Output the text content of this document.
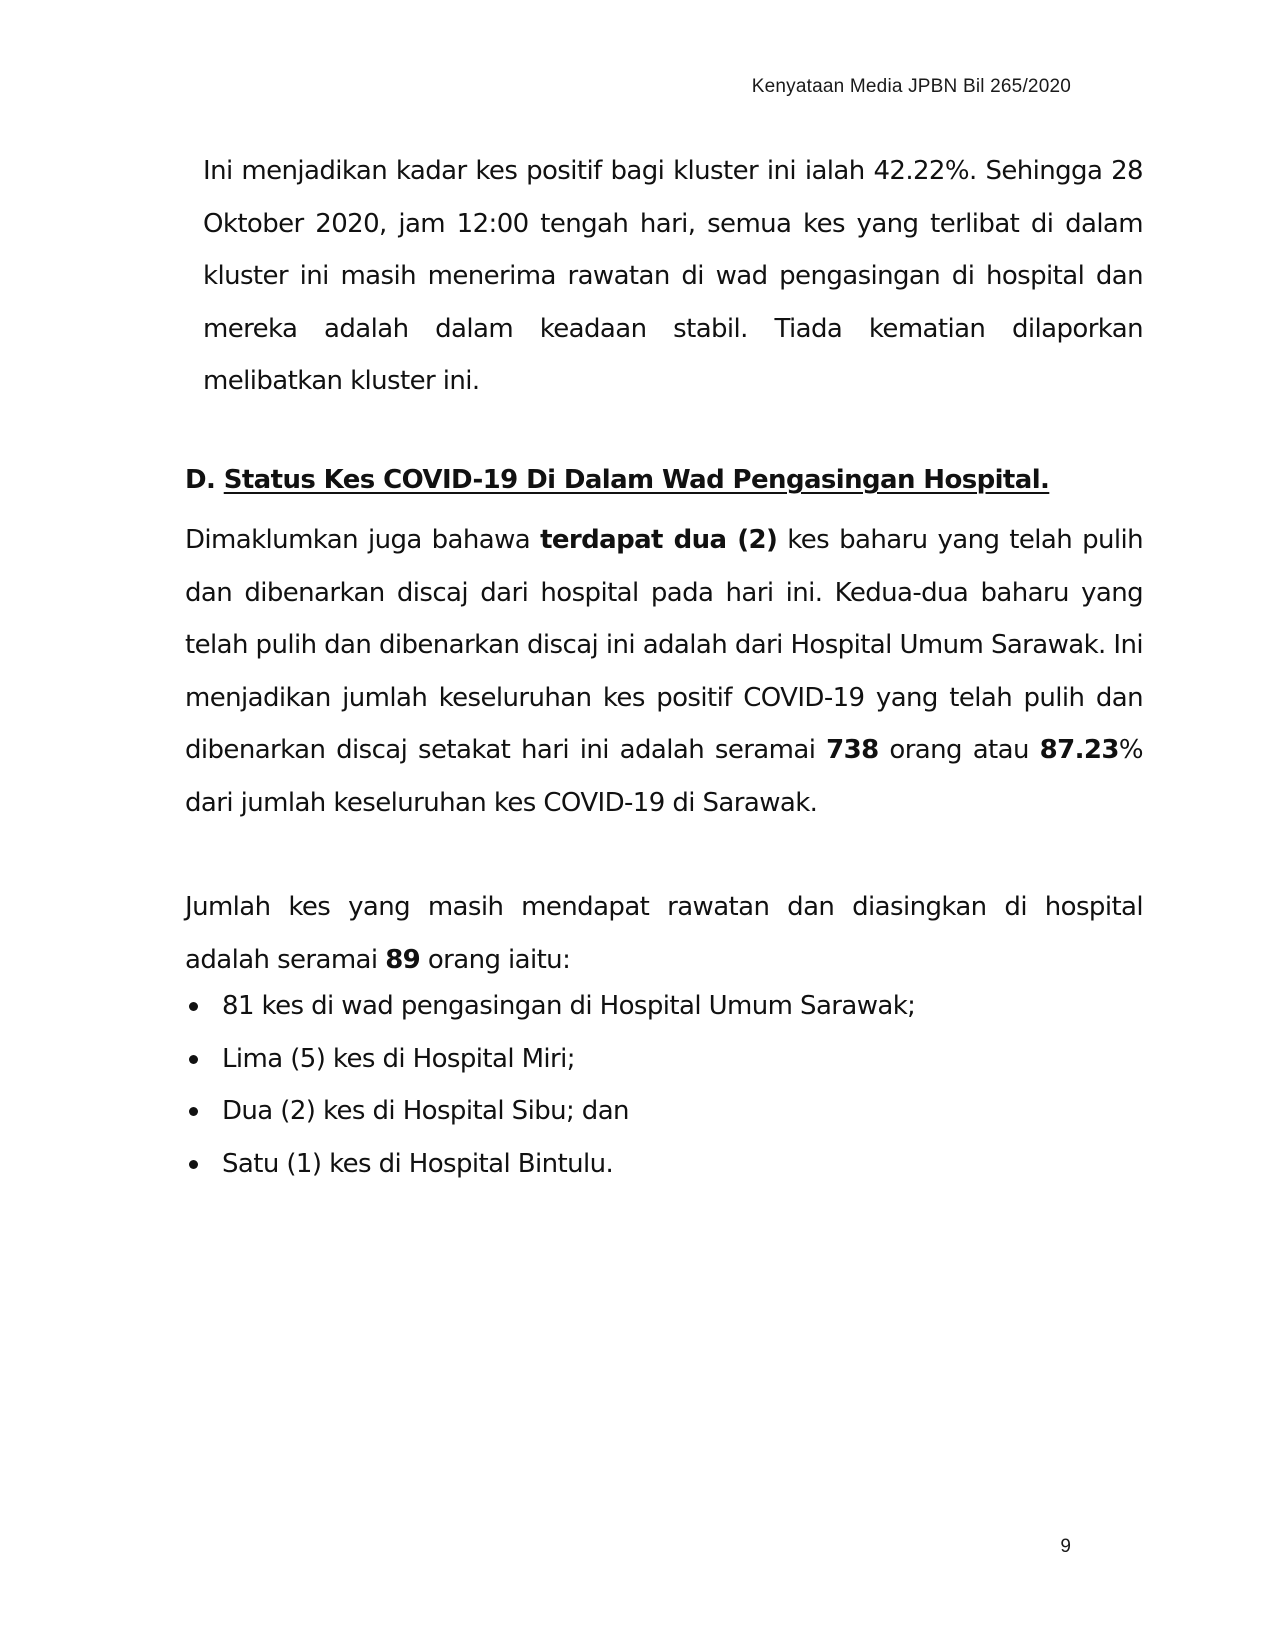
Kenyataan Media JPBN Bil 265/2020

Ini menjadikan kadar kes positif bagi kluster ini ialah 42.22%. Sehingga 28 Oktober 2020, jam 12:00 tengah hari, semua kes yang terlibat di dalam kluster ini masih menerima rawatan di wad pengasingan di hospital dan mereka adalah dalam keadaan stabil. Tiada kematian dilaporkan melibatkan kluster ini.

D. Status Kes COVID-19 Di Dalam Wad Pengasingan Hospital.

Dimaklumkan juga bahawa terdapat dua (2) kes baharu yang telah pulih dan dibenarkan discaj dari hospital pada hari ini. Kedua-dua baharu yang telah pulih dan dibenarkan discaj ini adalah dari Hospital Umum Sarawak. Ini menjadikan jumlah keseluruhan kes positif COVID-19 yang telah pulih dan dibenarkan discaj setakat hari ini adalah seramai 738 orang atau 87.23% dari jumlah keseluruhan kes COVID-19 di Sarawak.

Jumlah kes yang masih mendapat rawatan dan diasingkan di hospital adalah seramai 89 orang iaitu:

81 kes di wad pengasingan di Hospital Umum Sarawak;
Lima (5) kes di Hospital Miri;
Dua (2) kes di Hospital Sibu; dan
Satu (1) kes di Hospital Bintulu.
9
